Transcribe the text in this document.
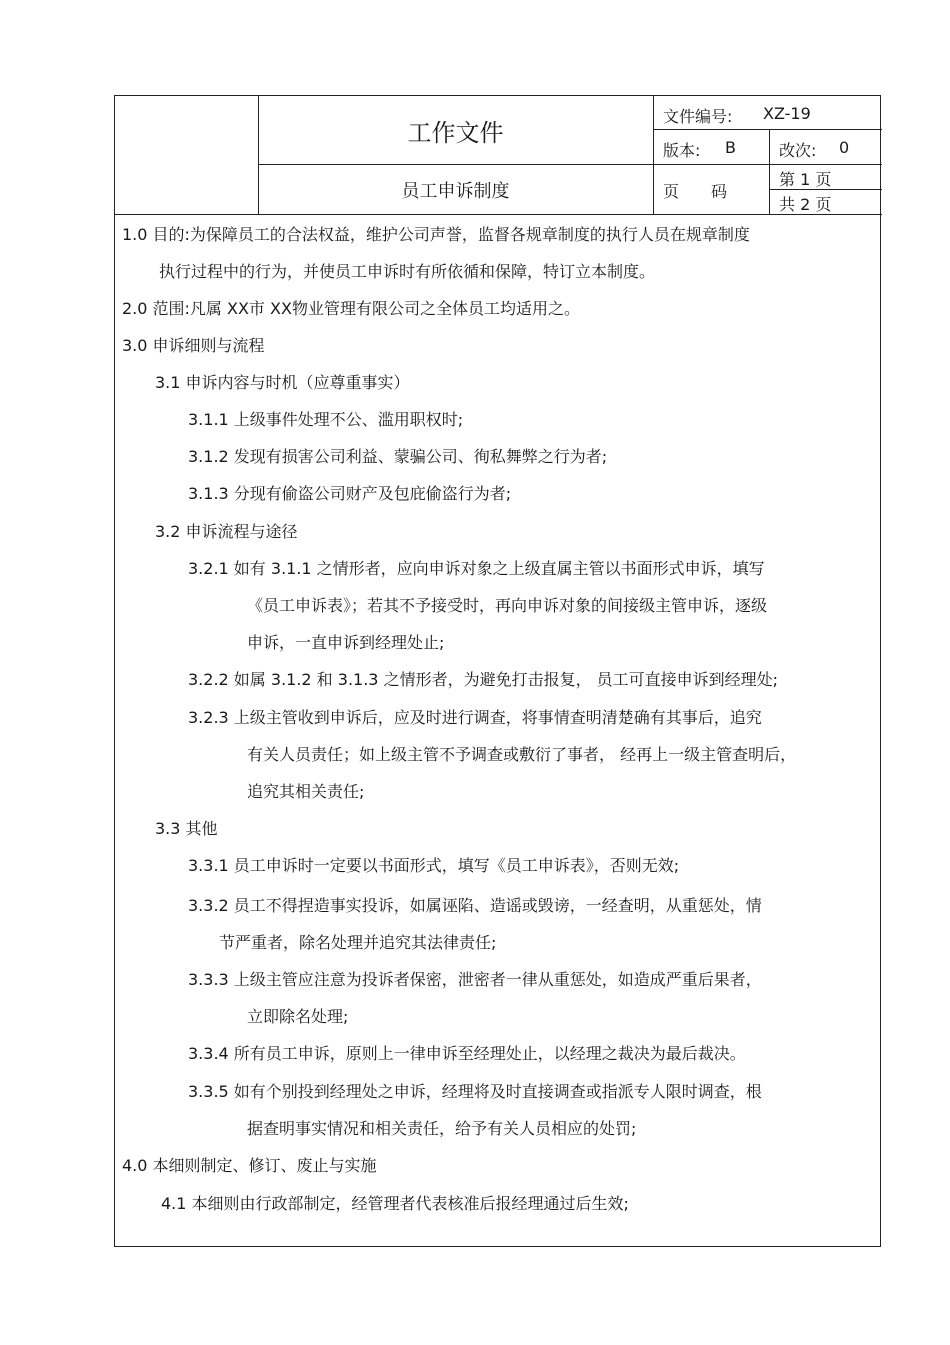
工作文件
员工申诉制度
文件编号: XZ-19
版本: B	改次: 0
页　　码
第 1 页
共 2 页
1.0 目的:为保障员工的合法权益，维护公司声誉，监督各规章制度的执行人员在规章制度
执行过程中的行为，并使员工申诉时有所依循和保障，特订立本制度。
2.0 范围:凡属 XX市 XX物业管理有限公司之全体员工均适用之。
3.0 申诉细则与流程
3.1 申诉内容与时机（应尊重事实）
3.1.1 上级事件处理不公、滥用职权时;
3.1.2 发现有损害公司利益、蒙骗公司、徇私舞弊之行为者;
3.1.3 分现有偷盗公司财产及包庇偷盗行为者;
3.2 申诉流程与途径
3.2.1 如有 3.1.1 之情形者，应向申诉对象之上级直属主管以书面形式申诉，填写
《员工申诉表》；若其不予接受时，再向申诉对象的间接级主管申诉，逐级
申诉，一直申诉到经理处止;
3.2.2 如属 3.1.2 和 3.1.3 之情形者，为避免打击报复， 员工可直接申诉到经理处;
3.2.3 上级主管收到申诉后，应及时进行调查，将事情查明清楚确有其事后，追究
有关人员责任；如上级主管不予调查或敷衍了事者， 经再上一级主管查明后，
追究其相关责任;
3.3 其他
3.3.1 员工申诉时一定要以书面形式，填写《员工申诉表》，否则无效;
3.3.2 员工不得捏造事实投诉，如属诬陷、造谣或毁谤，一经查明，从重惩处，情
节严重者，除名处理并追究其法律责任;
3.3.3 上级主管应注意为投诉者保密，泄密者一律从重惩处，如造成严重后果者，
立即除名处理;
3.3.4 所有员工申诉，原则上一律申诉至经理处止，以经理之裁决为最后裁决。
3.3.5 如有个别投到经理处之申诉，经理将及时直接调查或指派专人限时调查，根
据查明事实情况和相关责任，给予有关人员相应的处罚;
4.0 本细则制定、修订、废止与实施
4.1 本细则由行政部制定，经管理者代表核准后报经理通过后生效;
